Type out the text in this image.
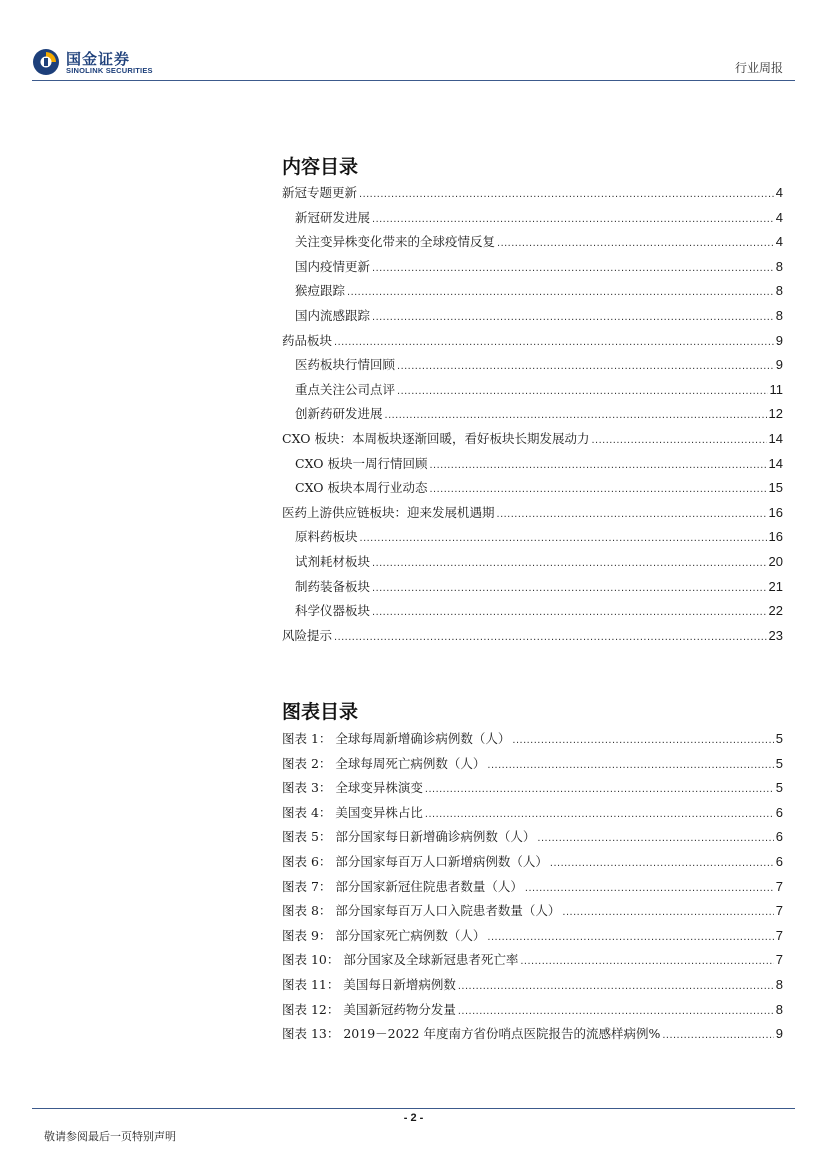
国金证券
SINOLINK SECURITIES	行业周报
内容目录
新冠专题更新 .....	4
新冠研发进展 .....	4
关注变异株变化带来的全球疫情反复 .....	4
国内疫情更新 .....	8
猴痘跟踪 .....	8
国内流感跟踪 .....	8
药品板块 .....	9
医药板块行情回顾 .....	9
重点关注公司点评 .....	11
创新药研发进展 .....	12
CXO 板块：本周板块逐渐回暖，看好板块长期发展动力 .....	14
CXO 板块一周行情回顾 .....	14
CXO 板块本周行业动态 .....	15
医药上游供应链板块：迎来发展机遇期 .....	16
原料药板块 .....	16
试剂耗材板块 .....	20
制药装备板块 .....	21
科学仪器板块 .....	22
风险提示 .....	23
图表目录
图表 1： 全球每周新增确诊病例数（人） .....	5
图表 2： 全球每周死亡病例数（人） .....	5
图表 3： 全球变异株演变 .....	5
图表 4： 美国变异株占比 .....	6
图表 5： 部分国家每日新增确诊病例数（人） .....	6
图表 6： 部分国家每百万人口新增病例数（人） .....	6
图表 7： 部分国家新冠住院患者数量（人） .....	7
图表 8： 部分国家每百万人口入院患者数量（人） .....	7
图表 9： 部分国家死亡病例数（人） .....	7
图表 10： 部分国家及全球新冠患者死亡率 .....	7
图表 11： 美国每日新增病例数 .....	8
图表 12： 美国新冠药物分发量 .....	8
图表 13： 2019－2022 年度南方省份哨点医院报告的流感样病例% .....	9
- 2 -
敬请参阅最后一页特别声明
